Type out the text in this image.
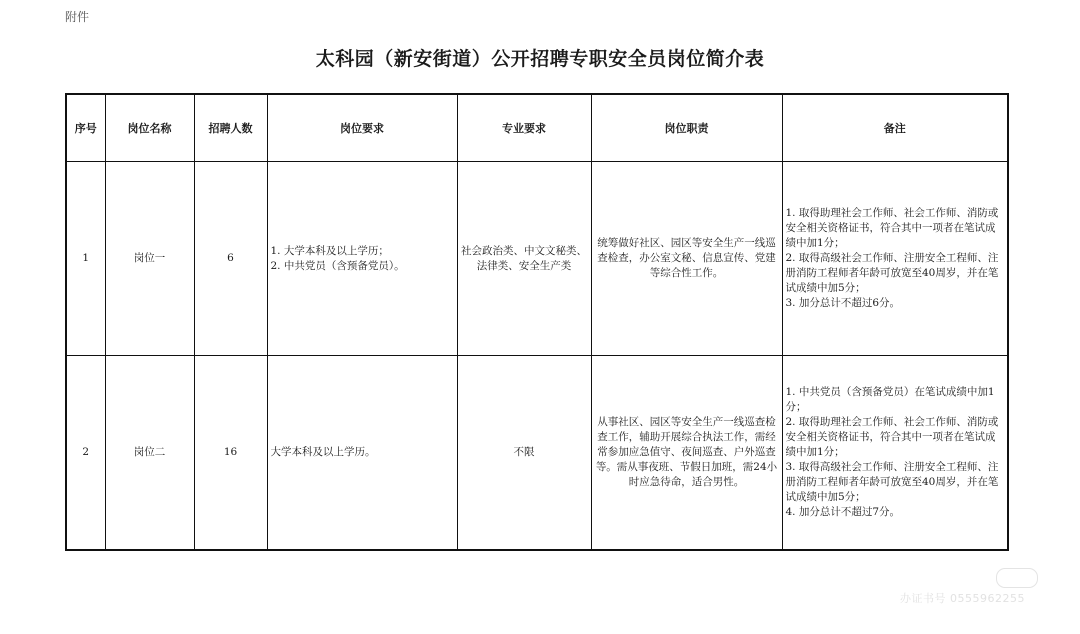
附件
太科园（新安街道）公开招聘专职安全员岗位简介表
序号	岗位名称	招聘人数	岗位要求	专业要求	岗位职责	备注
1	岗位一	6	1. 大学本科及以上学历；
2. 中共党员（含预备党员）。	社会政治类、中文文秘类、法律类、安全生产类	统筹做好社区、园区等安全生产一线巡查检查，办公室文秘、信息宣传、党建等综合性工作。	1. 取得助理社会工作师、社会工作师、消防或安全相关资格证书，符合其中一项者在笔试成绩中加1分；
2. 取得高级社会工作师、注册安全工程师、注册消防工程师者年龄可放宽至40周岁，并在笔试成绩中加5分；
3. 加分总计不超过6分。

2	岗位二	16	大学本科及以上学历。	不限	从事社区、园区等安全生产一线巡查检查工作，辅助开展综合执法工作，需经常参加应急值守、夜间巡查、户外巡查等。需从事夜班、节假日加班，需24小时应急待命，适合男性。	1. 中共党员（含预备党员）在笔试成绩中加1分；
2. 取得助理社会工作师、社会工作师、消防或安全相关资格证书，符合其中一项者在笔试成绩中加1分；
3. 取得高级社会工作师、注册安全工程师、注册消防工程师者年龄可放宽至40周岁，并在笔试成绩中加5分；
4. 加分总计不超过7分。
办证书号 0555962255
